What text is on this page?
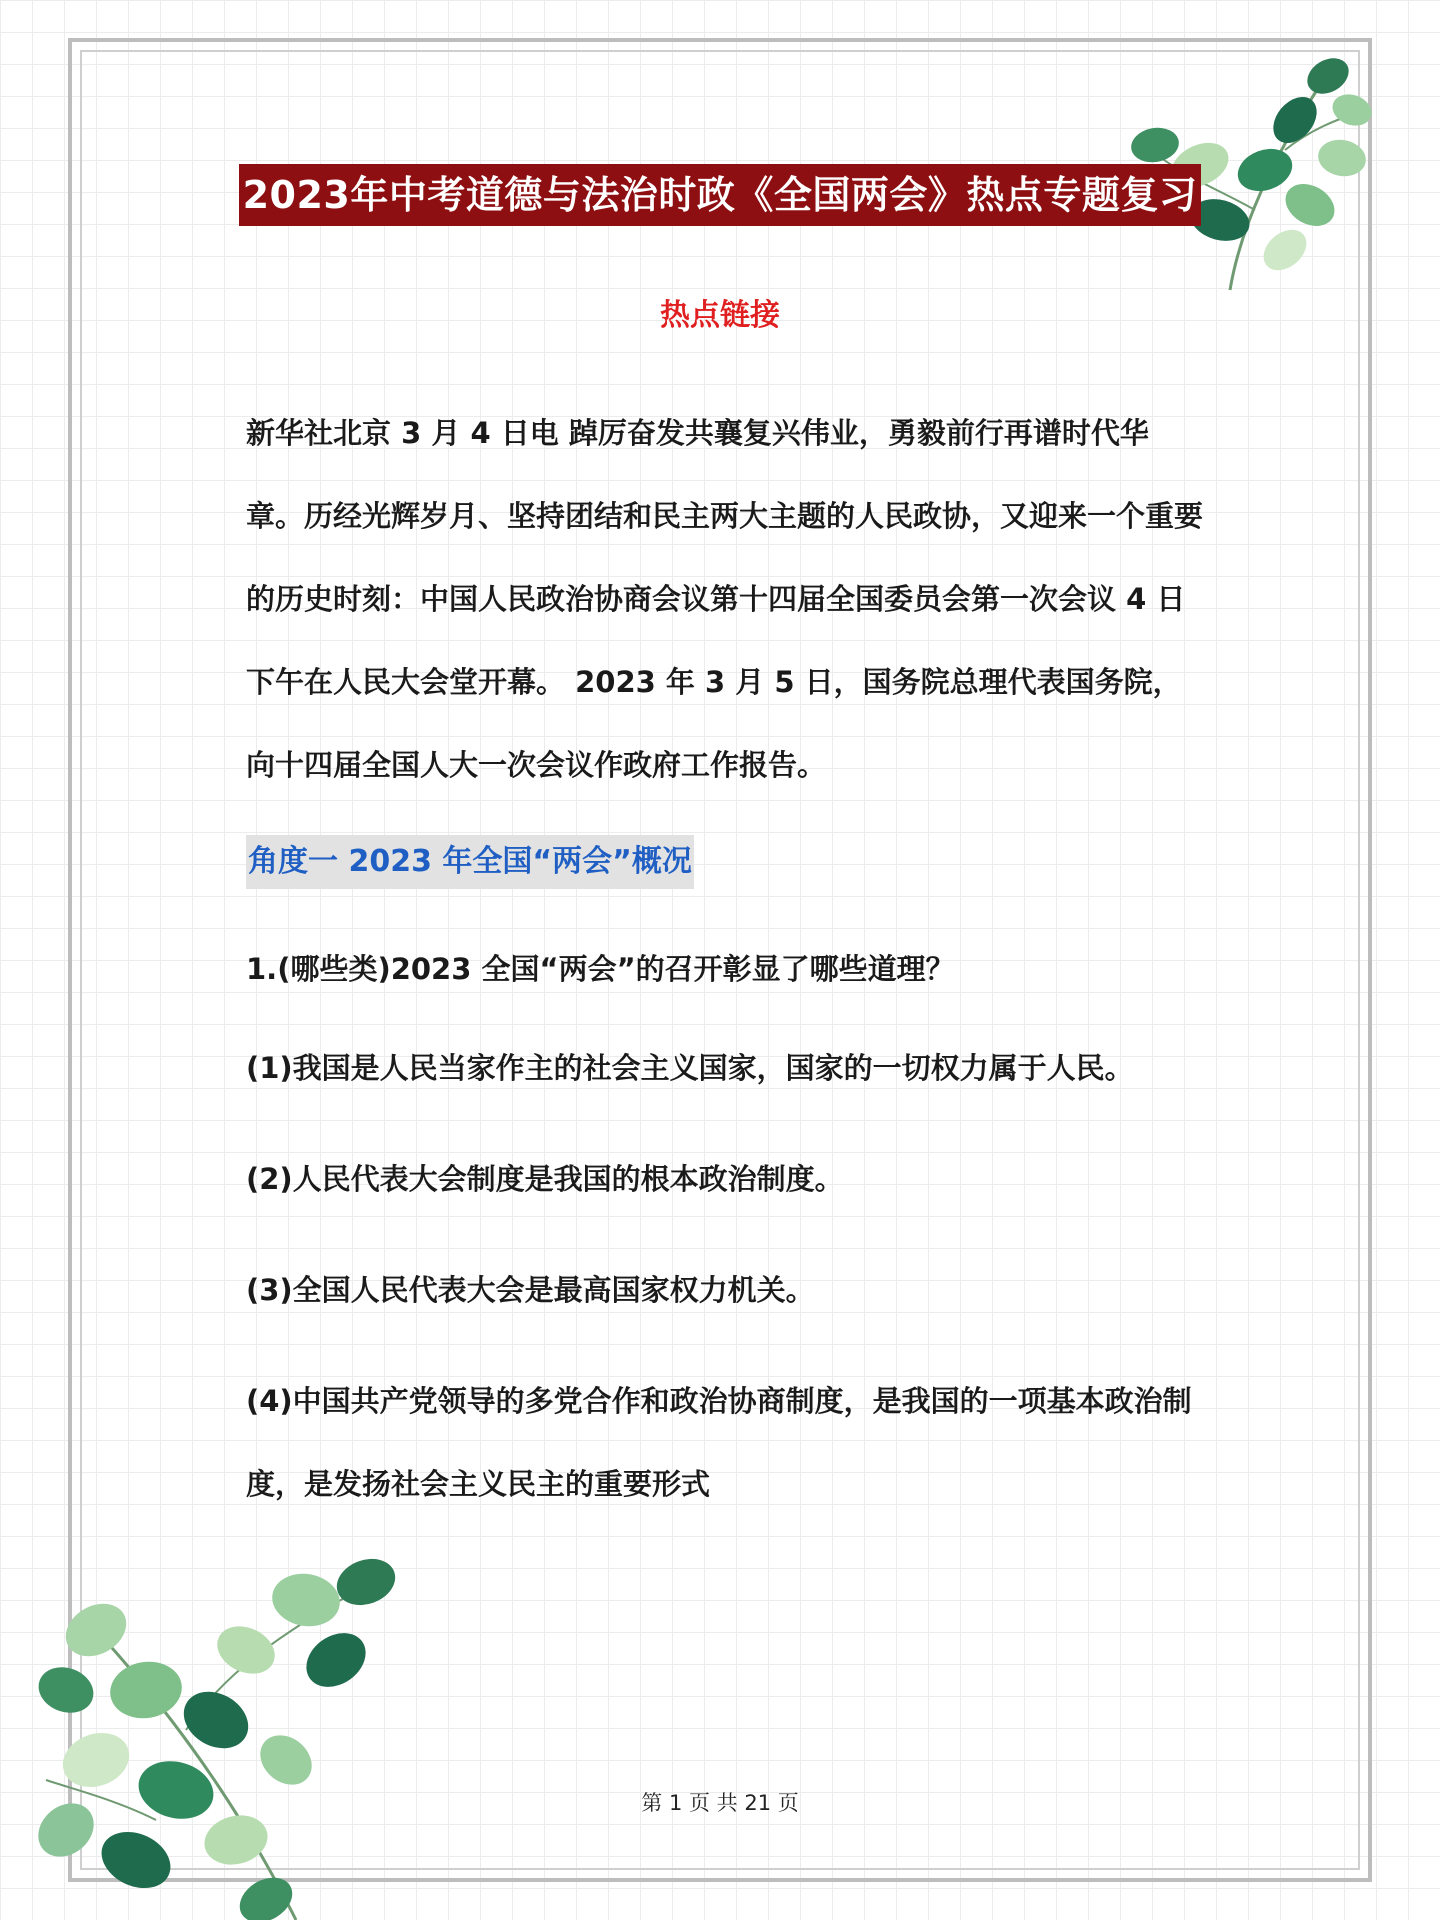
2023年中考道德与法治时政《全国两会》热点专题复习
热点链接

新华社北京 3 月 4 日电 踔厉奋发共襄复兴伟业，勇毅前行再谱时代华章。历经光辉岁月、坚持团结和民主两大主题的人民政协，又迎来一个重要的历史时刻：中国人民政治协商会议第十四届全国委员会第一次会议 4 日下午在人民大会堂开幕。 2023 年 3 月 5 日，国务院总理代表国务院，向十四届全国人大一次会议作政府工作报告。

角度一 2023 年全国“两会”概况

1.(哪些类)2023 全国“两会”的召开彰显了哪些道理？

(1)我国是人民当家作主的社会主义国家，国家的一切权力属于人民。

(2)人民代表大会制度是我国的根本政治制度。

(3)全国人民代表大会是最高国家权力机关。

(4)中国共产党领导的多党合作和政治协商制度，是我国的一项基本政治制度，是发扬社会主义民主的重要形式

第 1 页 共 21 页
